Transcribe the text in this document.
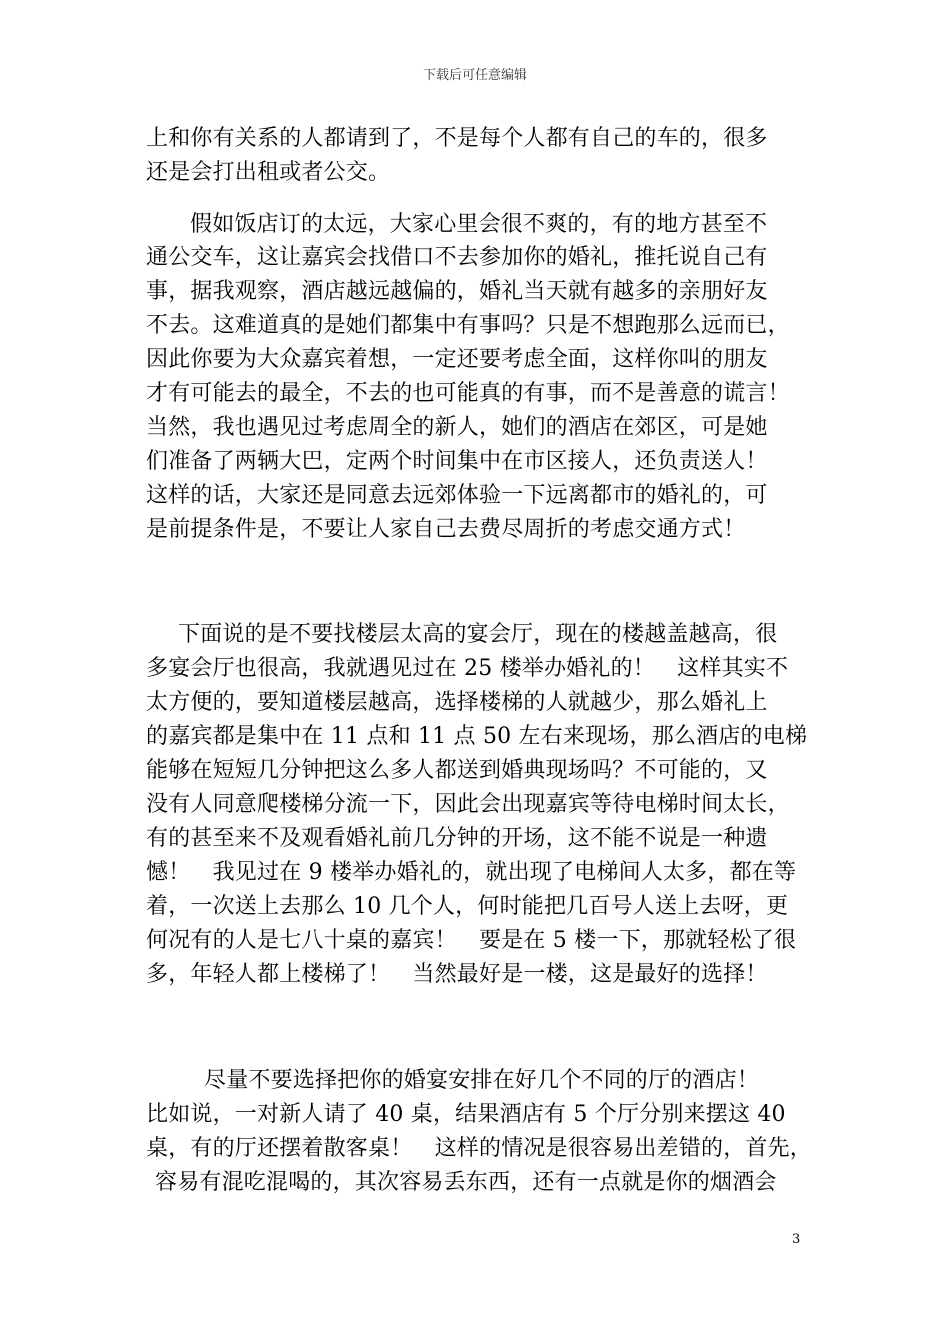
下载后可任意编辑
上和你有关系的人都请到了，不是每个人都有自己的车的，很多
还是会打出租或者公交。
假如饭店订的太远，大家心里会很不爽的，有的地方甚至不
通公交车，这让嘉宾会找借口不去参加你的婚礼，推托说自己有
事，据我观察，酒店越远越偏的，婚礼当天就有越多的亲朋好友
不去。这难道真的是她们都集中有事吗？只是不想跑那么远而已，
因此你要为大众嘉宾着想，一定还要考虑全面，这样你叫的朋友
才有可能去的最全，不去的也可能真的有事，而不是善意的谎言！
当然，我也遇见过考虑周全的新人，她们的酒店在郊区，可是她
们准备了两辆大巴，定两个时间集中在市区接人，还负责送人！
这样的话，大家还是同意去远郊体验一下远离都市的婚礼的，可
是前提条件是，不要让人家自己去费尽周折的考虑交通方式！
下面说的是不要找楼层太高的宴会厅，现在的楼越盖越高，很
多宴会厅也很高，我就遇见过在 25 楼举办婚礼的！　这样其实不
太方便的，要知道楼层越高，选择楼梯的人就越少，那么婚礼上
的嘉宾都是集中在 11 点和 11 点 50 左右来现场，那么酒店的电梯
能够在短短几分钟把这么多人都送到婚典现场吗？不可能的，又
没有人同意爬楼梯分流一下，因此会出现嘉宾等待电梯时间太长，
有的甚至来不及观看婚礼前几分钟的开场，这不能不说是一种遗
憾！　我见过在 9 楼举办婚礼的，就出现了电梯间人太多，都在等
着，一次送上去那么 10 几个人，何时能把几百号人送上去呀，更
何况有的人是七八十桌的嘉宾！　要是在 5 楼一下，那就轻松了很
多，年轻人都上楼梯了！　当然最好是一楼，这是最好的选择！
尽量不要选择把你的婚宴安排在好几个不同的厅的酒店！
比如说，一对新人请了 40 桌，结果酒店有 5 个厅分别来摆这 40
桌，有的厅还摆着散客桌！　这样的情况是很容易出差错的，首先，
容易有混吃混喝的，其次容易丢东西，还有一点就是你的烟酒会
3
